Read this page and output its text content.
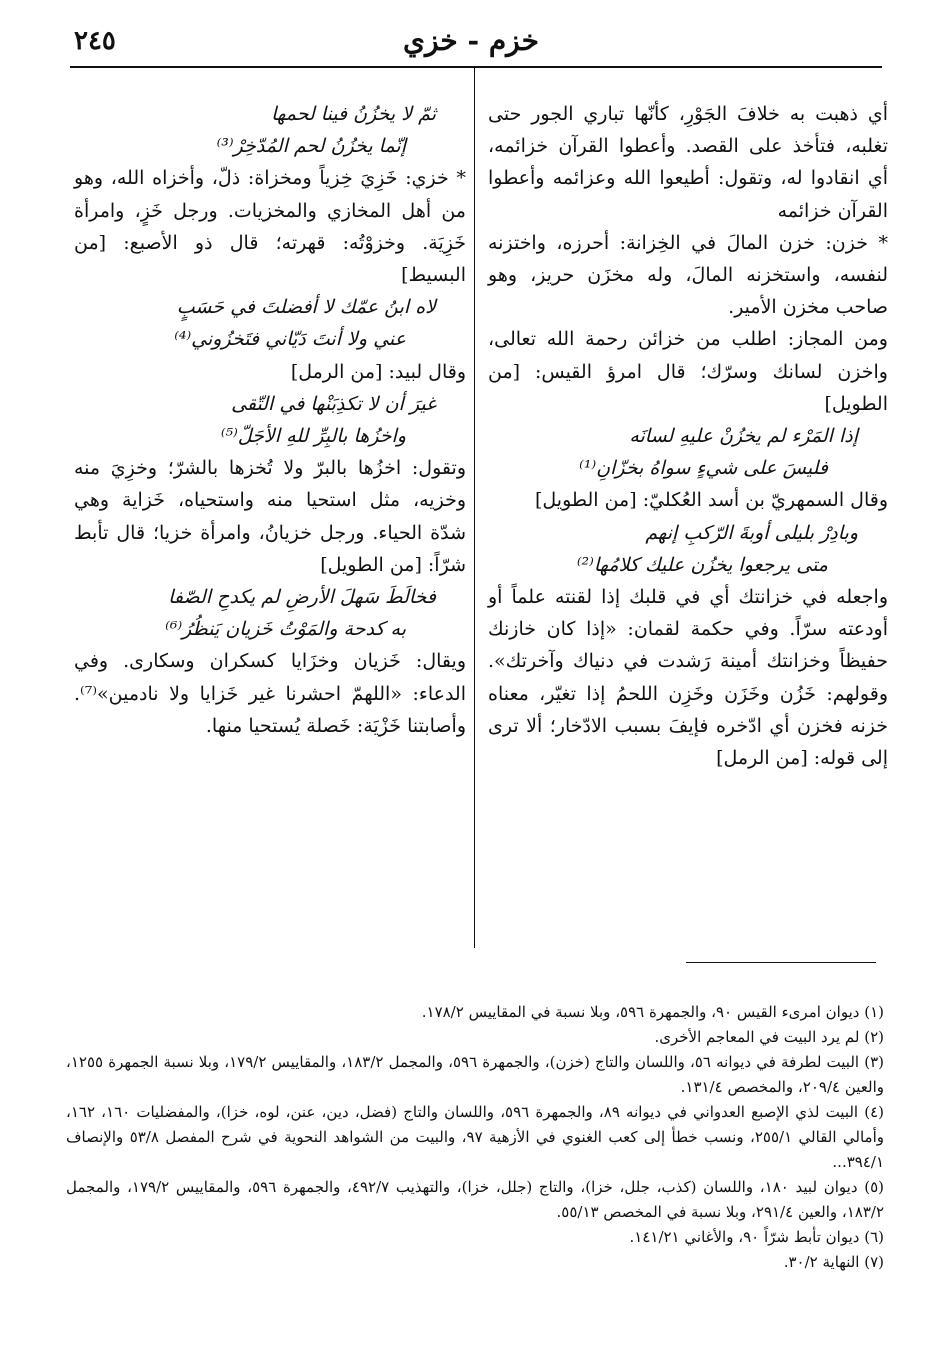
٢٤٥	خزم - خزي

أي ذهبت به خلافَ الجَوْرِ، كأنّها تباري الجور حتى تغلبه، فتأخذ على القصد. وأعطوا القرآن خزائمه، أي انقادوا له، وتقول: أطيعوا الله وعزائمه وأعطوا القرآن خزائمه

* خزن: خزن المالَ في الخِزانة: أحرزه، واختزنه لنفسه، واستخزنه المالَ، وله مخزَن حريز، وهو صاحب مخزن الأمير.

ومن المجاز: اطلب من خزائن رحمة الله تعالى، واخزن لسانك وسرّك؛ قال امرؤ القيس: [من الطويل]

إذا المَرْء لم يخزُنْ عليهِ لسانَه

فليسَ على شيءٍ سواهُ بخزّانِ⁽¹⁾

وقال السمهريّ بن أسد العُكليّ: [من الطويل]

وبادِرْ بليلى أوبةَ الرّكبِ إنهم

متى يرجعوا يخزُن عليك كلامُها⁽²⁾

واجعله في خزانتك أي في قلبك إذا لقنته علماً أو أودعته سرّاً. وفي حكمة لقمان: «إذا كان خازنك حفيظاً وخزانتك أمينة رَشدت في دنياك وآخرتك». وقولهم: خَزُن وخَزَن وخَزِن اللحمُ إذا تغيّر، معناه خزنه فخزن أي ادّخره فإيفَ بسبب الادّخار؛ ألا ترى إلى قوله: [من الرمل]

ثمّ لا يخزُنُ فينا لحمها

إنّما يخزُنُ لحم المُدّخِرْ⁽³⁾

* خزي: خَزِيَ خِزياً ومخزاة: ذلّ، وأخزاه الله، وهو من أهل المخازي والمخزيات. ورجل خَزٍ، وامرأة خَزِيَة. وخزوْتُه: قهرته؛ قال ذو الأصبع: [من البسيط]

لاه ابنُ عمّك لا أفضلتَ في حَسَبٍ

عني ولا أنتَ دَيّاني فتَخزُوني⁽⁴⁾

وقال لبيد: [من الرمل]

غيرَ أن لا تكذِبَنْها في التّقى

واخزُها بالبِرِّ للهِ الأجَلّ⁽⁵⁾

وتقول: اخزُها بالبرّ ولا تُخزها بالشرّ؛ وخزِيَ منه وخزيه، مثل استحيا منه واستحياه، خَزاية وهي شدّة الحياء. ورجل خزيانُ، وامرأة خزيا؛ قال تأبط شرّاً: [من الطويل]

فخالَطَ سَهلَ الأرضِ لم يكدحِ الصّفا

به كدحة والمَوْتُ خَزيان يَنظُرُ⁽⁶⁾

ويقال: خَزيان وخزَايا كسكران وسكارى. وفي الدعاء: «اللهمّ احشرنا غير خَزايا ولا نادمين»⁽⁷⁾. وأصابتنا خَزْيَة: خَصلة يُستحيا منها.

(١) ديوان امرىء القيس ٩٠، والجمهرة ٥٩٦، وبلا نسبة في المقاييس ١٧٨/٢.

(٢) لم يرد البيت في المعاجم الأخرى.

(٣) البيت لطرفة في ديوانه ٥٦، واللسان والتاج (خزن)، والجمهرة ٥٩٦، والمجمل ١٨٣/٢، والمقاييس ١٧٩/٢، وبلا نسبة الجمهرة ١٢٥٥، والعين ٢٠٩/٤، والمخصص ١٣١/٤.

(٤) البيت لذي الإصبع العدواني في ديوانه ٨٩، والجمهرة ٥٩٦، واللسان والتاج (فضل، دين، عنن، لوه، خزا)، والمفضليات ١٦٠، ١٦٢، وأمالي القالي ٢٥٥/١، ونسب خطأ إلى كعب الغنوي في الأزهية ٩٧، والبيت من الشواهد النحوية في شرح المفصل ٥٣/٨ والإنصاف ٣٩٤/١...

(٥) ديوان لبيد ١٨٠، واللسان (كذب، جلل، خزا)، والتاج (جلل، خزا)، والتهذيب ٤٩٢/٧، والجمهرة ٥٩٦، والمقاييس ١٧٩/٢، والمجمل ١٨٣/٢، والعين ٢٩١/٤، وبلا نسبة في المخصص ٥٥/١٣.

(٦) ديوان تأبط شرّاً ٩٠، والأغاني ١٤١/٢١.

(٧) النهاية ٣٠/٢.
